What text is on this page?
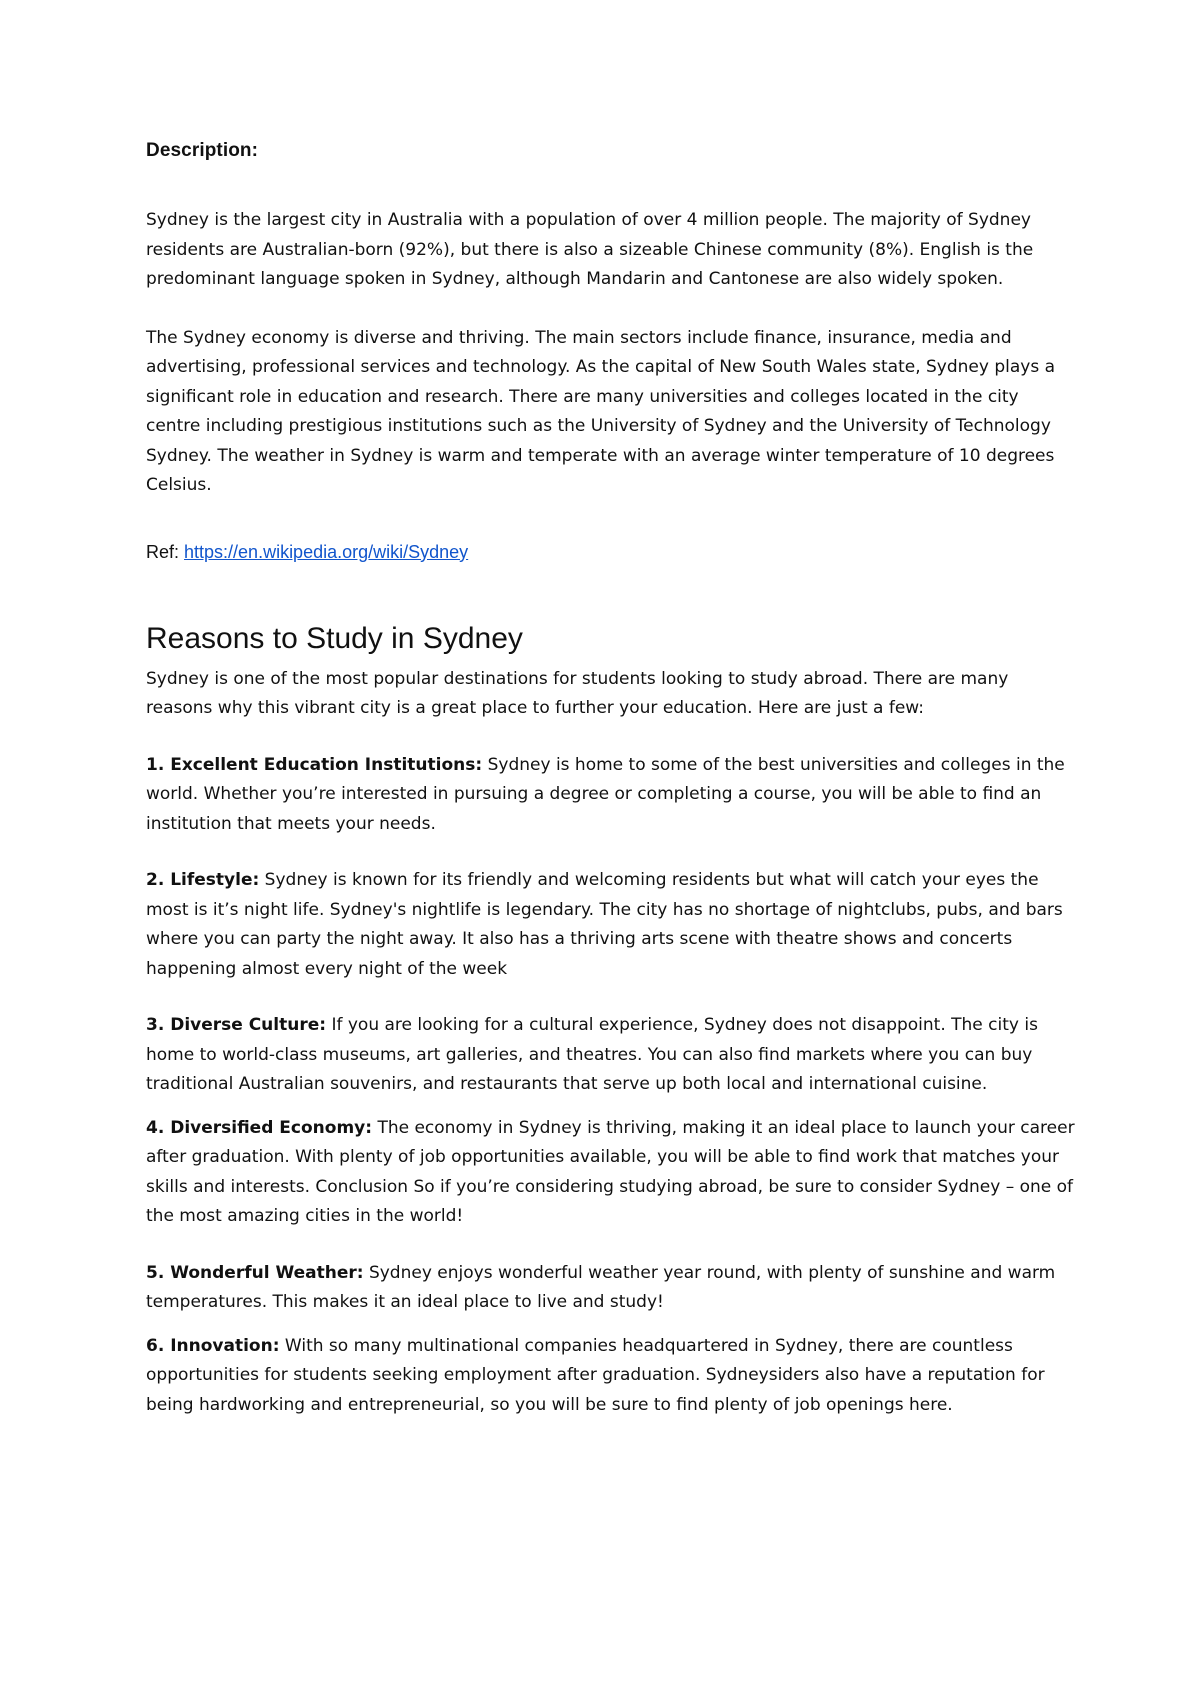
Description:

Sydney is the largest city in Australia with a population of over 4 million people. The majority of Sydney residents are Australian-born (92%), but there is also a sizeable Chinese community (8%). English is the predominant language spoken in Sydney, although Mandarin and Cantonese are also widely spoken.

The Sydney economy is diverse and thriving. The main sectors include finance, insurance, media and advertising, professional services and technology. As the capital of New South Wales state, Sydney plays a significant role in education and research. There are many universities and colleges located in the city centre including prestigious institutions such as the University of Sydney and the University of Technology Sydney. The weather in Sydney is warm and temperate with an average winter temperature of 10 degrees Celsius.

Ref: https://en.wikipedia.org/wiki/Sydney
Reasons to Study in Sydney

Sydney is one of the most popular destinations for students looking to study abroad. There are many reasons why this vibrant city is a great place to further your education. Here are just a few:

1. Excellent Education Institutions: Sydney is home to some of the best universities and colleges in the world. Whether you’re interested in pursuing a degree or completing a course, you will be able to find an institution that meets your needs.

2. Lifestyle: Sydney is known for its friendly and welcoming residents but what will catch your eyes the most is it’s night life. Sydney's nightlife is legendary. The city has no shortage of nightclubs, pubs, and bars where you can party the night away. It also has a thriving arts scene with theatre shows and concerts happening almost every night of the week

3. Diverse Culture: If you are looking for a cultural experience, Sydney does not disappoint. The city is home to world-class museums, art galleries, and theatres. You can also find markets where you can buy traditional Australian souvenirs, and restaurants that serve up both local and international cuisine.

4. Diversified Economy: The economy in Sydney is thriving, making it an ideal place to launch your career after graduation. With plenty of job opportunities available, you will be able to find work that matches your skills and interests. Conclusion So if you’re considering studying abroad, be sure to consider Sydney – one of the most amazing cities in the world!

5. Wonderful Weather: Sydney enjoys wonderful weather year round, with plenty of sunshine and warm temperatures. This makes it an ideal place to live and study!

6. Innovation: With so many multinational companies headquartered in Sydney, there are countless opportunities for students seeking employment after graduation. Sydneysiders also have a reputation for being hardworking and entrepreneurial, so you will be sure to find plenty of job openings here.
